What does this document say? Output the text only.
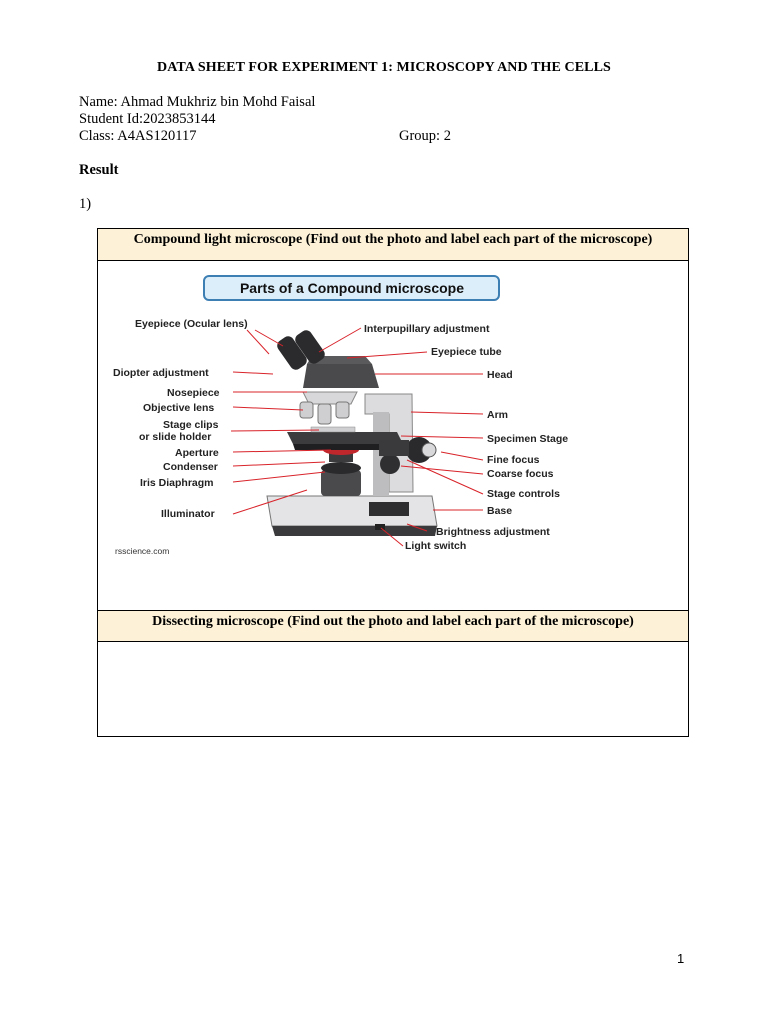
DATA SHEET FOR EXPERIMENT 1: MICROSCOPY AND THE CELLS
Name: Ahmad Mukhriz bin Mohd Faisal
Student Id:2023853144
Class: A4AS120117	Group: 2
Result
1)
Compound light microscope (Find out the photo and label each part of the microscope)
Parts of a Compound microscope
Eyepiece (Ocular lens)
Diopter adjustment
Nosepiece
Objective lens
Stage clips
or slide holder
Aperture
Condenser
Iris Diaphragm
Illuminator
Interpupillary adjustment
Eyepiece tube
Head
Arm
Specimen Stage
Fine focus
Coarse focus
Stage controls
Base
Brightness adjustment
Light switch
rsscience.com
Dissecting microscope (Find out the photo and label each part of the microscope)
1
